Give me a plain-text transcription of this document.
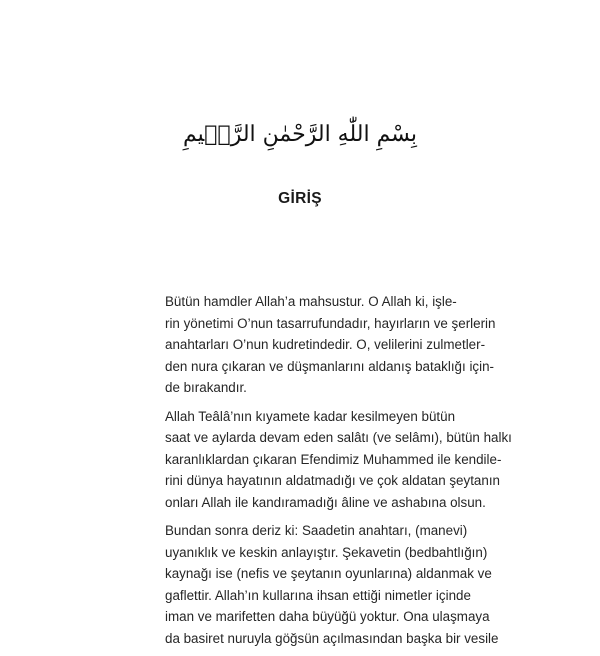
بِسْمِ اللّٰهِ الرَّحْمٰنِ الرَّح۪يمِ
GİRİŞ
Bütün hamdler Allah’a mahsustur. O Allah ki, işle-
rin yönetimi O’nun tasarrufundadır, hayırların ve şerlerin
anahtarları O’nun kudretindedir. O, velilerini zulmetler-
den nura çıkaran ve düşmanlarını aldanış bataklığı için-
de bırakandır.
Allah Teâlâ’nın kıyamete kadar kesilmeyen bütün
saat ve aylarda devam eden salâtı (ve selâmı), bütün halkı
karanlıklardan çıkaran Efendimiz Muhammed ile kendile-
rini dünya hayatının aldatmadığı ve çok aldatan şeytanın
onları Allah ile kandıramadığı âline ve ashabına olsun.
Bundan sonra deriz ki: Saadetin anahtarı, (manevi)
uyanıklık ve keskin anlayıştır. Şekavetin (bedbahtlığın)
kaynağı ise (nefis ve şeytanın oyunlarına) aldanmak ve
gaflettir. Allah’ın kullarına ihsan ettiği nimetler içinde
iman ve marifetten daha büyüğü yoktur. Ona ulaşmaya
da basiret nuruyla göğsün açılmasından başka bir vesile
